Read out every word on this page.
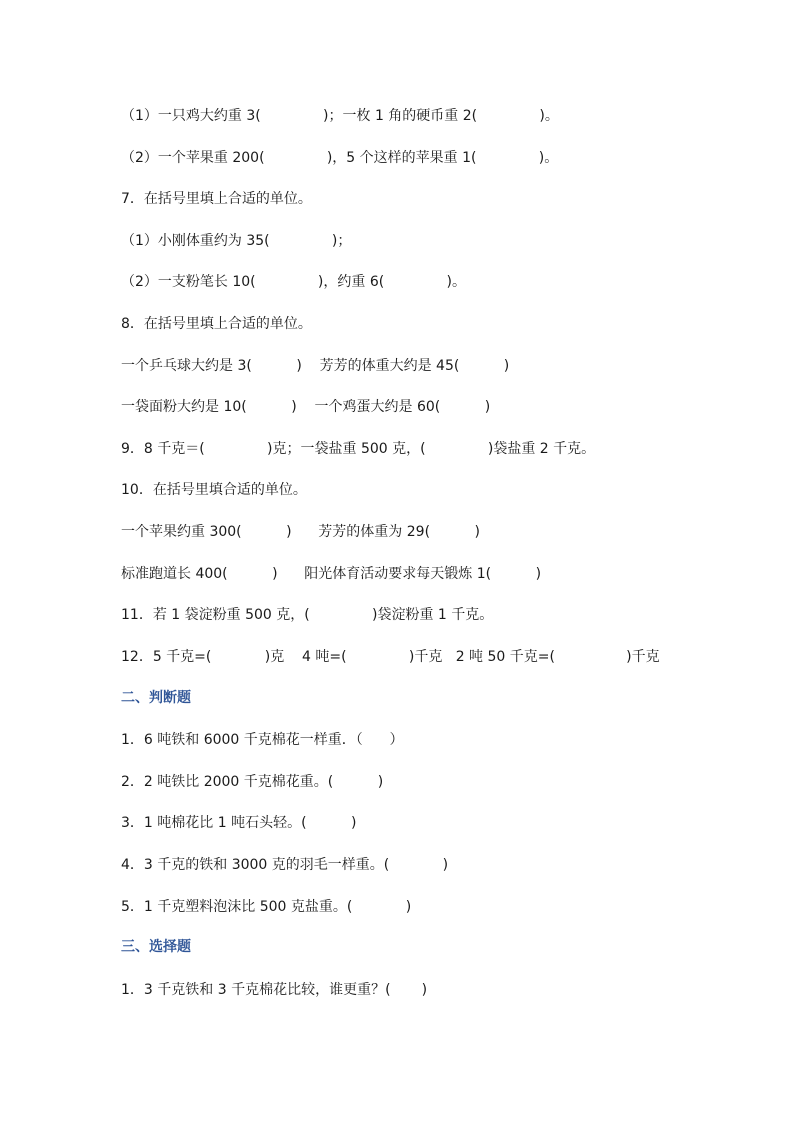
（1）一只鸡大约重 3(              )；一枚 1 角的硬币重 2(              )。
（2）一个苹果重 200(              )，5 个这样的苹果重 1(              )。
7．在括号里填上合适的单位。
（1）小刚体重约为 35(              )；
（2）一支粉笔长 10(              )，约重 6(              )。
8．在括号里填上合适的单位。
一个乒乓球大约是 3(          )    芳芳的体重大约是 45(          )
一袋面粉大约是 10(          )    一个鸡蛋大约是 60(          )
9．8 千克＝(              )克；一袋盐重 500 克，(              )袋盐重 2 千克。
10．在括号里填合适的单位。
一个苹果约重 300(          )      芳芳的体重为 29(          )
标准跑道长 400(          )      阳光体育活动要求每天锻炼 1(          )
11．若 1 袋淀粉重 500 克，(              )袋淀粉重 1 千克。
12．5 千克=(            )克    4 吨=(              )千克   2 吨 50 千克=(                )千克
二、判断题
1．6 吨铁和 6000 千克棉花一样重．（      ）
2．2 吨铁比 2000 千克棉花重。(          )
3．1 吨棉花比 1 吨石头轻。(          )
4．3 千克的铁和 3000 克的羽毛一样重。(            )
5．1 千克塑料泡沫比 500 克盐重。(            )
三、选择题
1．3 千克铁和 3 千克棉花比较，谁更重？(       )
